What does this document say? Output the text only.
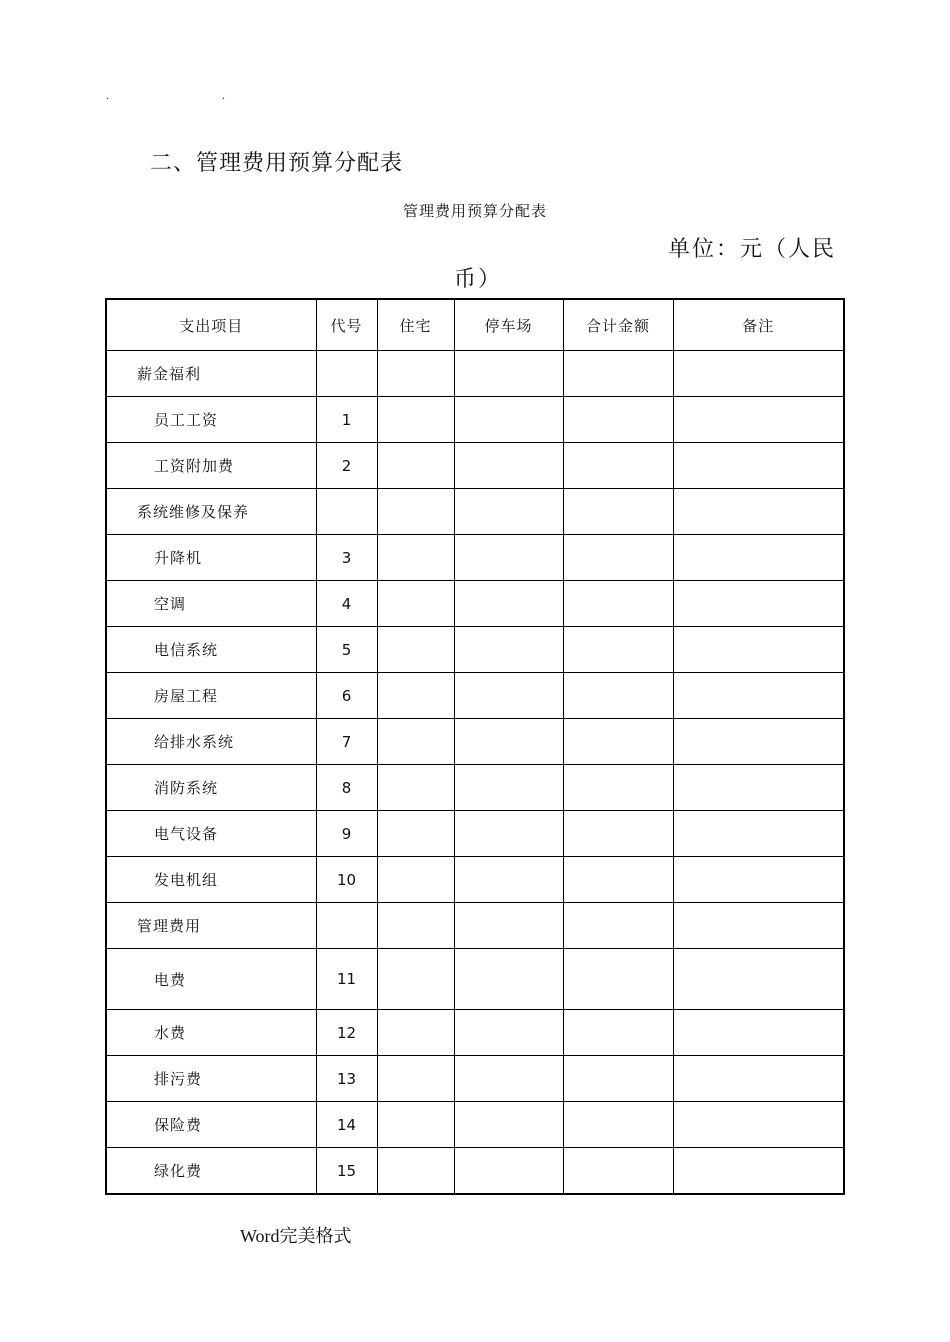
.	.
二、管理费用预算分配表
管理费用预算分配表
单位：元（人民
币）
支出项目	代号	住宅	停车场	合计金额	备注
薪金福利					
员工工资	1				
工资附加费	2				
系统维修及保养					
升降机	3				
空调	4				
电信系统	5				
房屋工程	6				
给排水系统	7				
消防系统	8				
电气设备	9				
发电机组	10				
管理费用					
电费	11				
水费	12				
排污费	13				
保险费	14				
绿化费	15				
Word完美格式
